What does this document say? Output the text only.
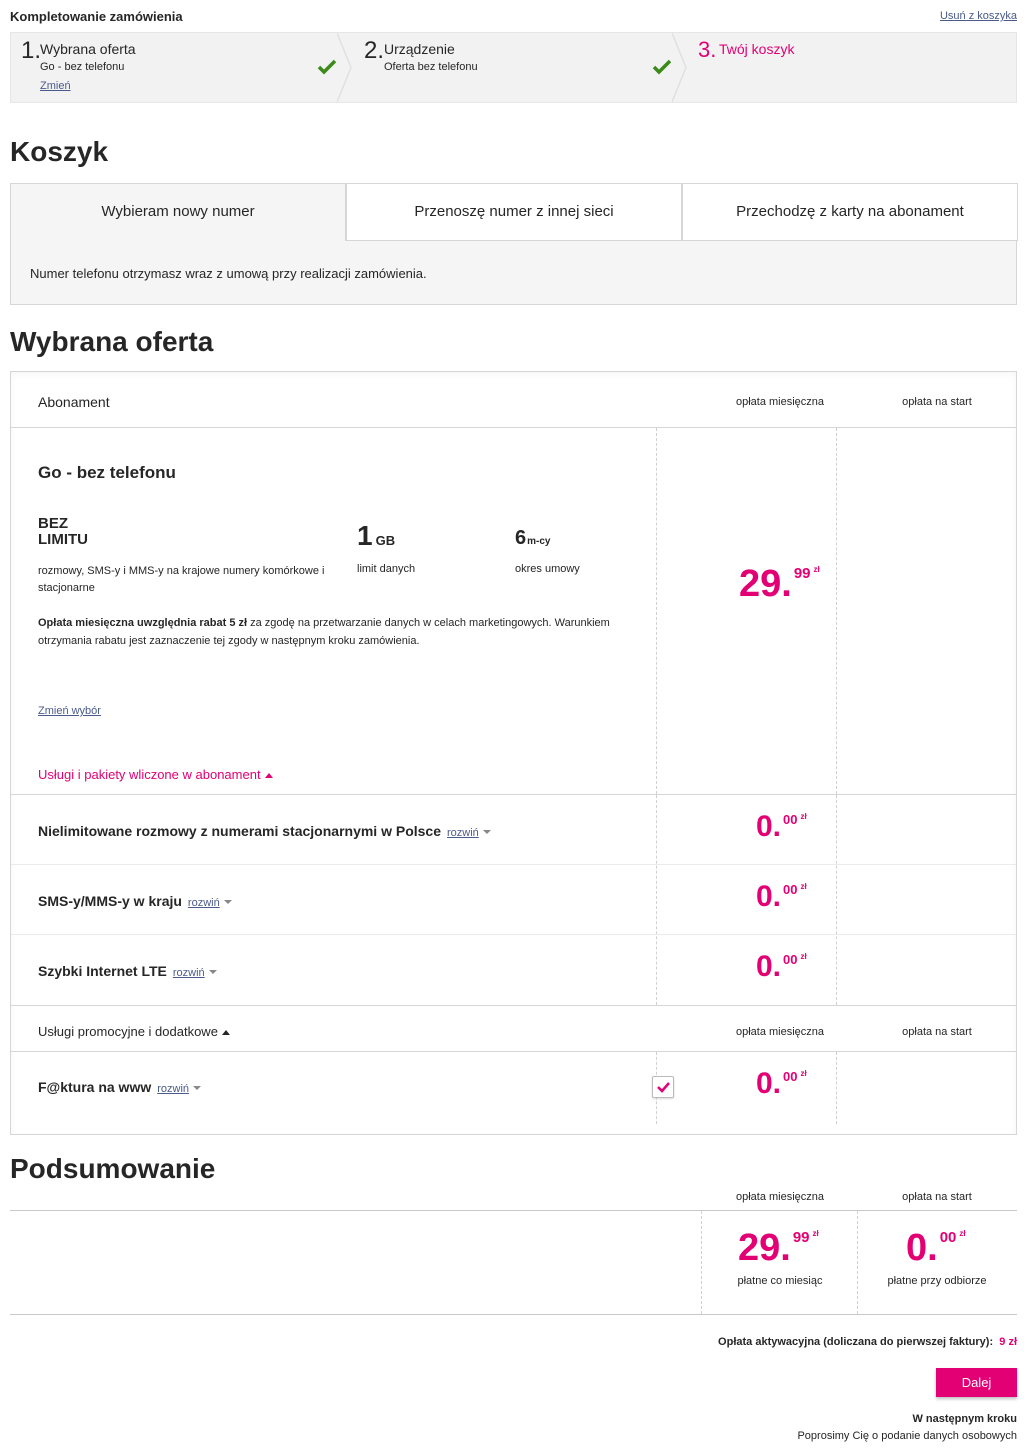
Kompletowanie zamówienia	Usuń z koszyka
1.
Wybrana oferta
Go - bez telefonu
Zmień
2. Urządzenie
Oferta bez telefonu
3. Twój koszyk
Koszyk
Wybieram nowy numer	Przenoszę numer z innej sieci	Przechodzę z karty na abonament
Numer telefonu otrzymasz wraz z umową przy realizacji zamówienia.
Wybrana oferta
Abonament	opłata miesięczna	opłata na start
Go - bez telefonu
BEZ
LIMITU
rozmowy, SMS-y i MMS-y na krajowe numery komórkowe i stacjonarne
1 GB
limit danych
6m-cy
okres umowy
Opłata miesięczna uwzględnia rabat 5 zł za zgodę na przetwarzanie danych w celach marketingowych. Warunkiem otrzymania rabatu jest zaznaczenie tej zgody w następnym kroku zamówienia.
Zmień wybór
29. 99 $^{zł}$
Usługi i pakiety wliczone w abonament
Nielimitowane rozmowy z numerami stacjonarnymi w Polsce rozwiń	0. $^{00}$ $^{zł}$
SMS-y/MMS-y w kraju rozwiń	0. $^{00}$ $^{zł}$
Szybki Internet LTE rozwiń	0. $^{00}$ $^{zł}$
Usługi promocyjne i dodatkowe	opłata miesięczna	opłata na start
F@ktura na www rozwiń	0. $^{00}$ $^{zł}$
Podsumowanie
opłata miesięczna	opłata na start
29. 99 $^{zł}$
płatne co miesiąc
0. 00 $^{zł}$
płatne przy odbiorze
Opłata aktywacyjna (doliczana do pierwszej faktury): 9 zł
Dalej
W następnym kroku
Poprosimy Cię o podanie danych osobowych
